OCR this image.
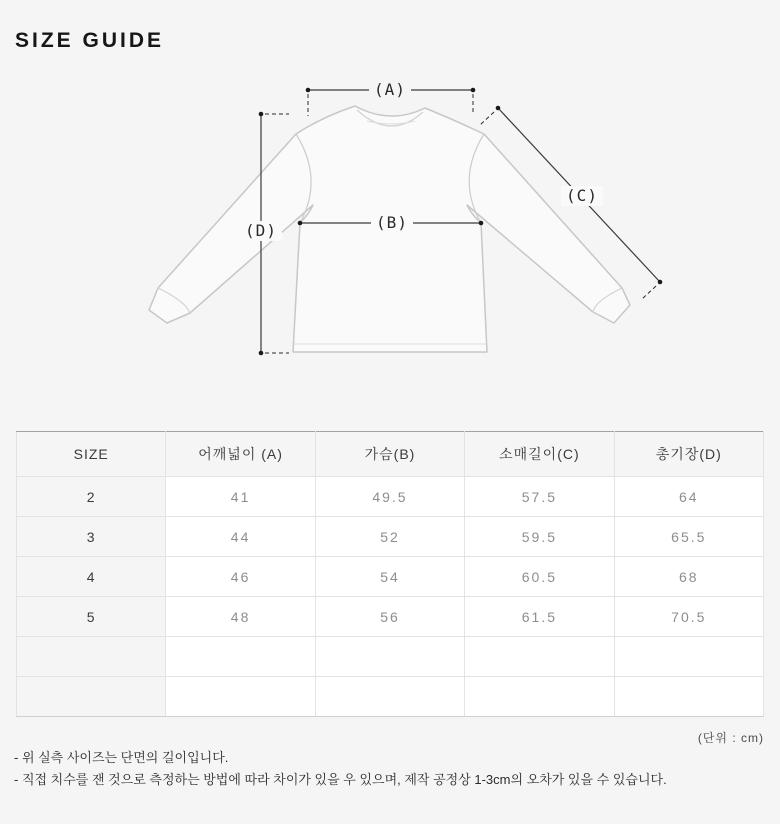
SIZE GUIDE
(A)
(B)
(C)
(D)
SIZE	어깨넓이 (A)	가슴(B)	소매길이(C)	총기장(D)
2	41	49.5	57.5	64
3	44	52	59.5	65.5
4	46	54	60.5	68
5	48	56	61.5	70.5

(단위 : cm)
- 위 실측 사이즈는 단면의 길이입니다.
- 직접 치수를 잰 것으로 측정하는 방법에 따라 차이가 있을 우 있으며, 제작 공정상 1-3cm의 오차가 있을 수 있습니다.
